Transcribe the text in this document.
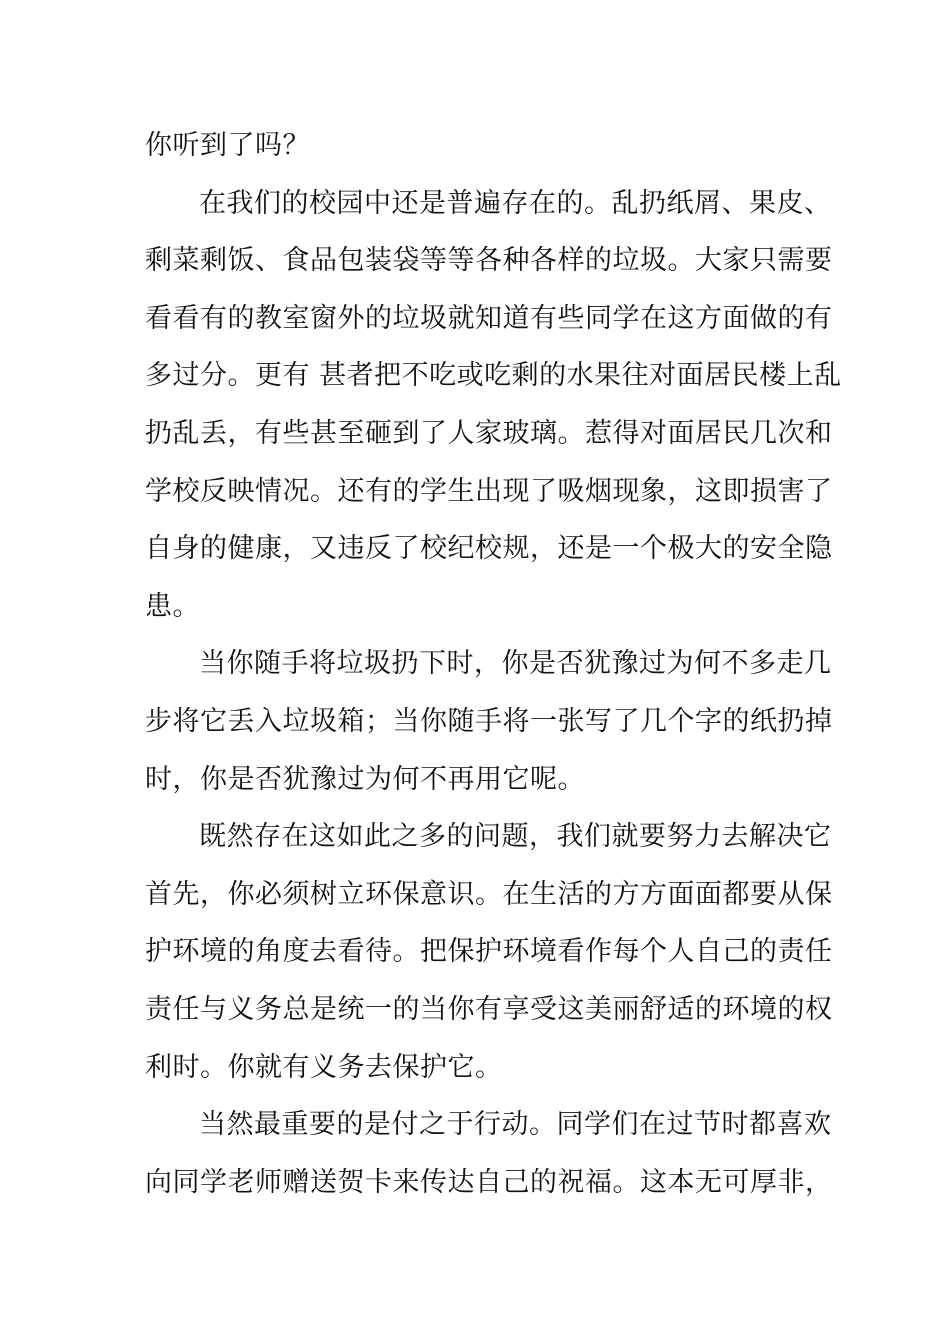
你听到了吗？
在我们的校园中还是普遍存在的。乱扔纸屑、果皮、
剩菜剩饭、食品包装袋等等各种各样的垃圾。大家只需要
看看有的教室窗外的垃圾就知道有些同学在这方面做的有
多过分。更有 甚者把不吃或吃剩的水果往对面居民楼上乱
扔乱丢，有些甚至砸到了人家玻璃。惹得对面居民几次和
学校反映情况。还有的学生出现了吸烟现象，这即损害了
自身的健康，又违反了校纪校规，还是一个极大的安全隐
患。
当你随手将垃圾扔下时，你是否犹豫过为何不多走几
步将它丢入垃圾箱；当你随手将一张写了几个字的纸扔掉
时，你是否犹豫过为何不再用它呢。
既然存在这如此之多的问题，我们就要努力去解决它
首先，你必须树立环保意识。在生活的方方面面都要从保
护环境的角度去看待。把保护环境看作每个人自己的责任
责任与义务总是统一的当你有享受这美丽舒适的环境的权
利时。你就有义务去保护它。
当然最重要的是付之于行动。同学们在过节时都喜欢
向同学老师赠送贺卡来传达自己的祝福。这本无可厚非，
